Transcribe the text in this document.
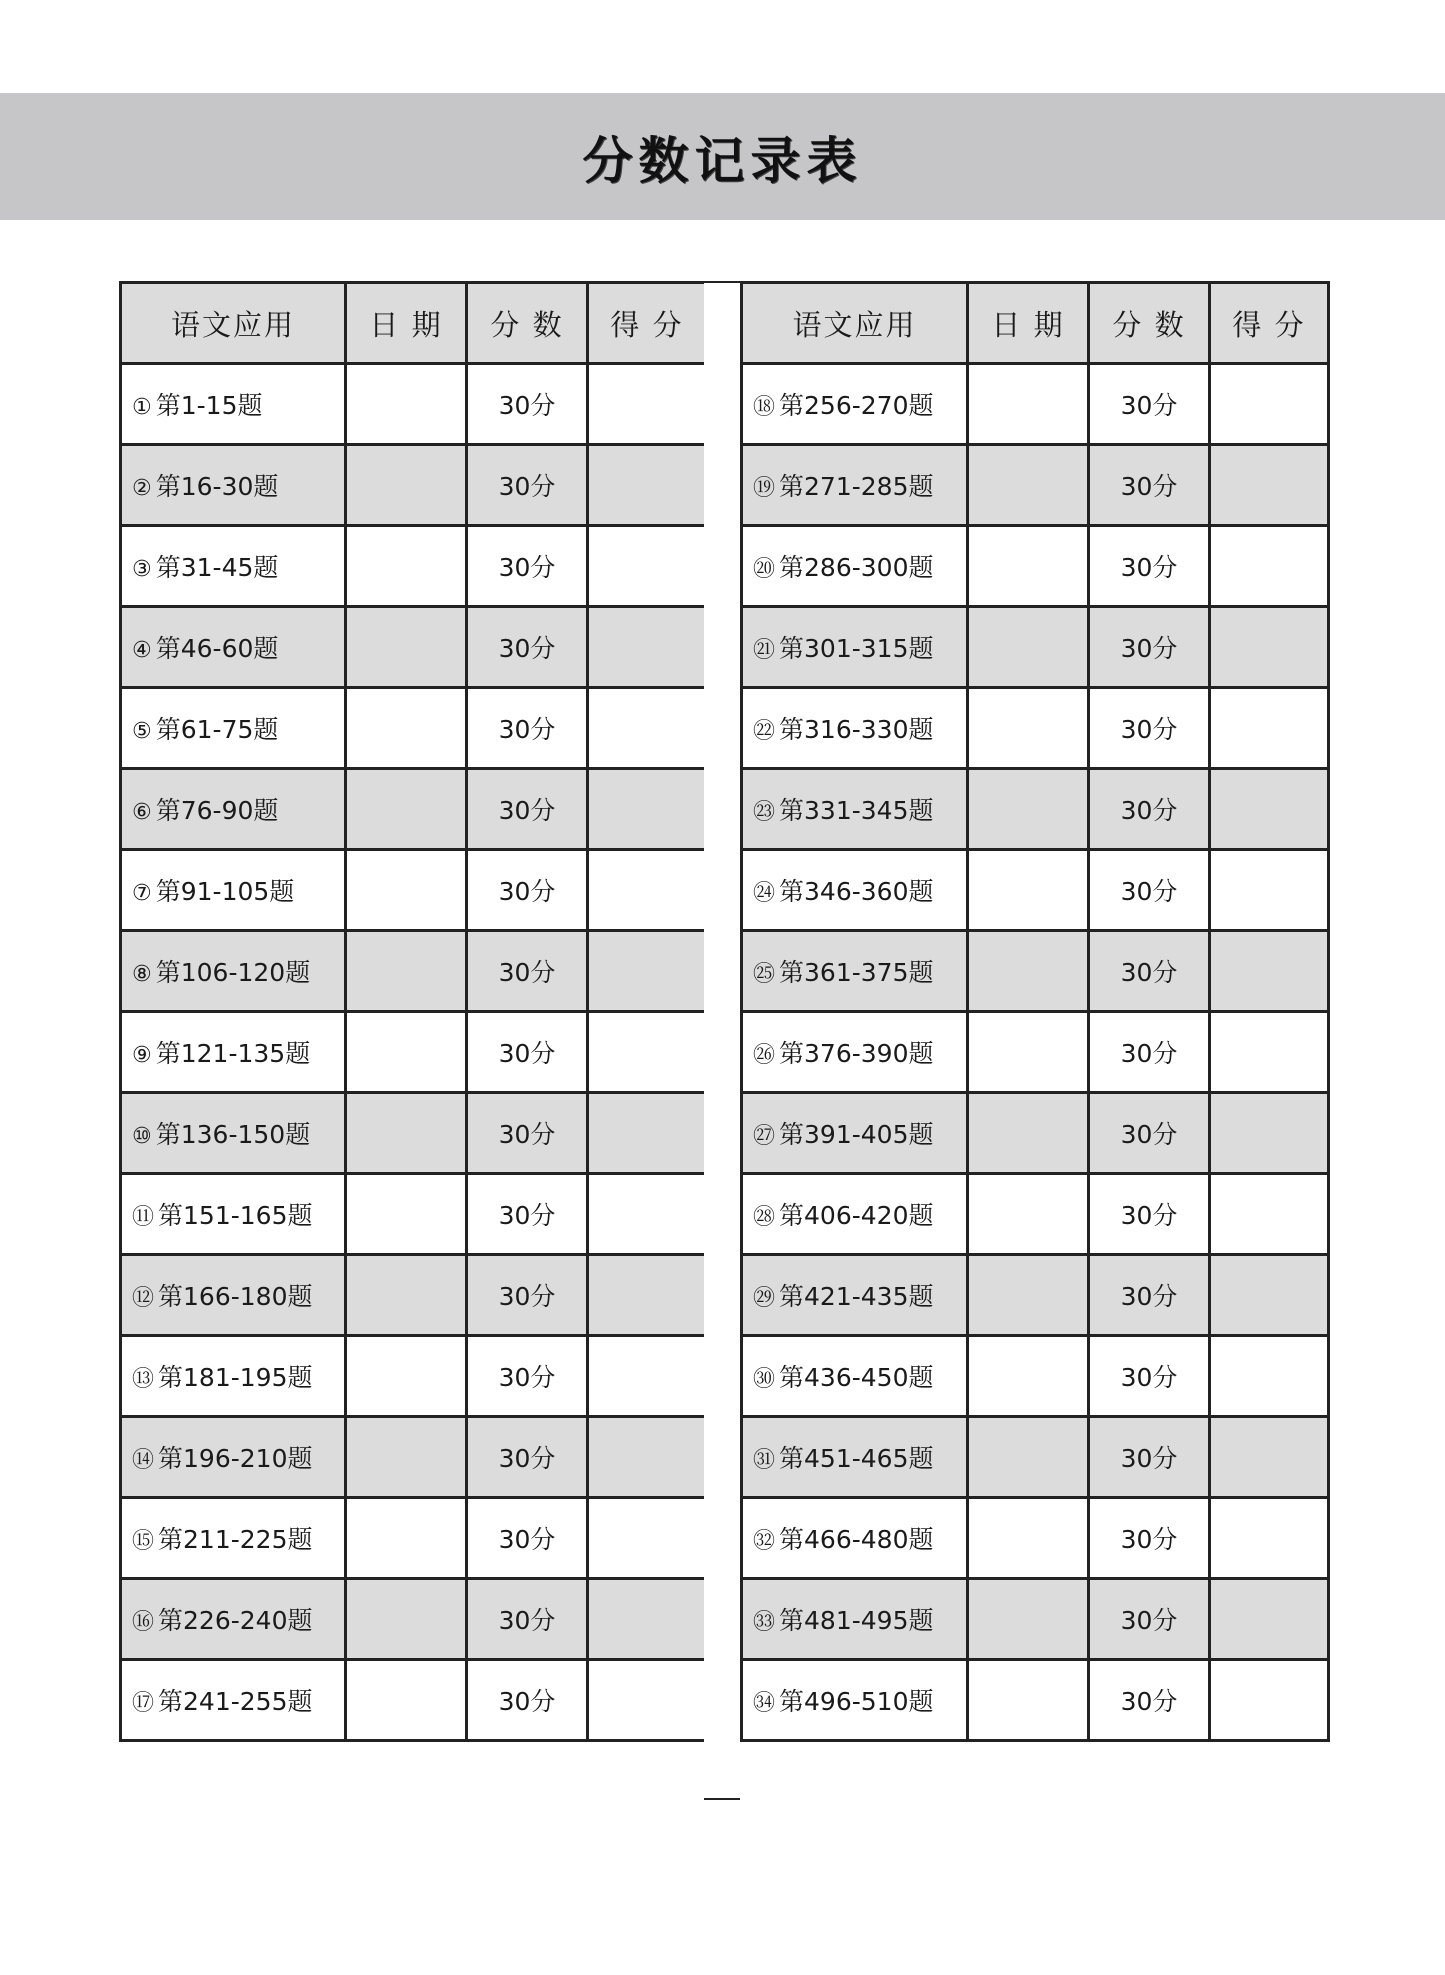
分数记录表
语文应用	日 期	分 数	得 分
① 第1-15题		30分	
② 第16-30题		30分	
③ 第31-45题		30分	
④ 第46-60题		30分	
⑤ 第61-75题		30分	
⑥ 第76-90题		30分	
⑦ 第91-105题		30分	
⑧ 第106-120题		30分	
⑨ 第121-135题		30分	
⑩ 第136-150题		30分	
⑪ 第151-165题		30分	
⑫ 第166-180题		30分	
⑬ 第181-195题		30分	
⑭ 第196-210题		30分	
⑮ 第211-225题		30分	
⑯ 第226-240题		30分	
⑰ 第241-255题		30分	
语文应用	日 期	分 数	得 分
⑱ 第256-270题		30分	
⑲ 第271-285题		30分	
⑳ 第286-300题		30分	
㉑ 第301-315题		30分	
㉒ 第316-330题		30分	
㉓ 第331-345题		30分	
㉔ 第346-360题		30分	
㉕ 第361-375题		30分	
㉖ 第376-390题		30分	
㉗ 第391-405题		30分	
㉘ 第406-420题		30分	
㉙ 第421-435题		30分	
㉚ 第436-450题		30分	
㉛ 第451-465题		30分	
㉜ 第466-480题		30分	
㉝ 第481-495题		30分	
㉞ 第496-510题		30分	
